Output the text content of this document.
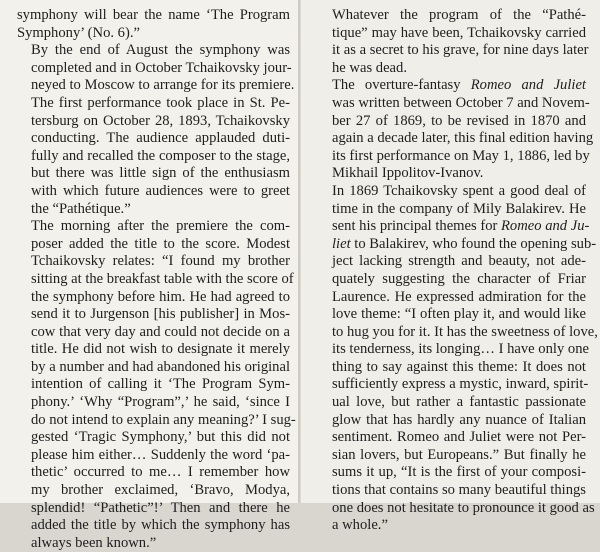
symphony will bear the name ‘The Program
Symphony’ (No. 6).”

By the end of August the symphony was
completed and in October Tchaikovsky jour-
neyed to Moscow to arrange for its premiere.
The first performance took place in St. Pe-
tersburg on October 28, 1893, Tchaikovsky
conducting. The audience applauded duti-
fully and recalled the composer to the stage,
but there was little sign of the enthusiasm
with which future audiences were to greet
the “Pathétique.”

The morning after the premiere the com-
poser added the title to the score. Modest
Tchaikovsky relates: “I found my brother
sitting at the breakfast table with the score of
the symphony before him. He had agreed to
send it to Jurgenson [his publisher] in Mos-
cow that very day and could not decide on a
title. He did not wish to designate it merely
by a number and had abandoned his original
intention of calling it ‘The Program Sym-
phony.’ ‘Why “Program”,’ he said, ‘since I
do not intend to explain any meaning?’ I sug-
gested ‘Tragic Symphony,’ but this did not
please him either… Suddenly the word ‘pa-
thetic’ occurred to me… I remember how
my brother exclaimed, ‘Bravo, Modya,
splendid! “Pathetic”!’ Then and there he
added the title by which the symphony has
always been known.”

Whatever the program of the “Pathé-
tique” may have been, Tchaikovsky carried
it as a secret to his grave, for nine days later
he was dead.

The overture-fantasy Romeo and Juliet
was written between October 7 and Novem-
ber 27 of 1869, to be revised in 1870 and
again a decade later, this final edition having
its first performance on May 1, 1886, led by
Mikhail Ippolitov-Ivanov.

In 1869 Tchaikovsky spent a good deal of
time in the company of Mily Balakirev. He
sent his principal themes for Romeo and Ju-
liet to Balakirev, who found the opening sub-
ject lacking strength and beauty, not ade-
quately suggesting the character of Friar
Laurence. He expressed admiration for the
love theme: “I often play it, and would like
to hug you for it. It has the sweetness of love,
its tenderness, its longing… I have only one
thing to say against this theme: It does not
sufficiently express a mystic, inward, spirit-
ual love, but rather a fantastic passionate
glow that has hardly any nuance of Italian
sentiment. Romeo and Juliet were not Per-
sian lovers, but Europeans.” But finally he
sums it up, “It is the first of your composi-
tions that contains so many beautiful things
one does not hesitate to pronounce it good as
a whole.”
